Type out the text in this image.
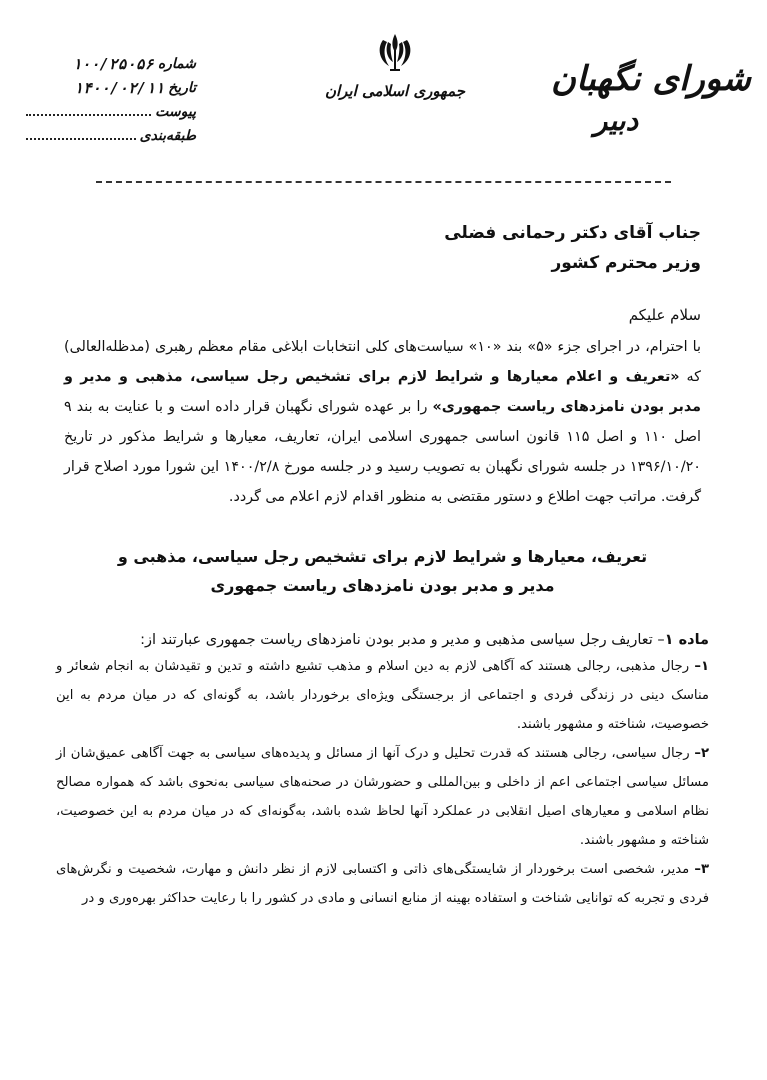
شورای نگهبان
دبیر
جمهوری اسلامی ایران
شماره
۱۰۰/۲۵۰۵۶
تاریخ
۱۴۰۰/۰۲/۱۱
پیوست
طبقه‌بندی
جناب آقای دکتر رحمانی فضلی
وزیر محترم کشور
سلام علیکم

با احترام، در اجرای جزء «۵» بند «۱۰» سیاست‌های کلی انتخابات ابلاغی مقام معظم رهبری (مدظله‌العالی) که «تعریف و اعلام معیارها و شرایط لازم برای تشخیص رجل سیاسی، مذهبی و مدیر و مدبر بودن نامزدهای ریاست جمهوری» را بر عهده شورای نگهبان قرار داده است و با عنایت به بند ۹ اصل ۱۱۰ و اصل ۱۱۵ قانون اساسی جمهوری اسلامی ایران، تعاریف، معیارها و شرایط مذکور در تاریخ ۱۳۹۶/۱۰/۲۰ در جلسه شورای نگهبان به تصویب رسید و در جلسه مورخ ۱۴۰۰/۲/۸ این شورا مورد اصلاح قرار گرفت. مراتب جهت اطلاع و دستور مقتضی به منظور اقدام لازم اعلام می گردد.

تعریف، معیارها و شرایط لازم برای تشخیص رجل سیاسی، مذهبی و مدیر و مدبر بودن نامزدهای ریاست جمهوری
ماده ۱– تعاریف رجل سیاسی مذهبی و مدیر و مدبر بودن نامزدهای ریاست جمهوری عبارتند از:
۱– رجال مذهبی، رجالی هستند که آگاهی لازم به دین اسلام و مذهب تشیع داشته و تدین و تقیدشان به انجام شعائر و مناسک دینی در زندگی فردی و اجتماعی از برجستگی ویژه‌ای برخوردار باشد، به گونه‌ای که در میان مردم به این خصوصیت، شناخته و مشهور باشند.
۲– رجال سیاسی، رجالی هستند که قدرت تحلیل و درک آنها از مسائل و پدیده‌های سیاسی به جهت آگاهی عمیق‌شان از مسائل سیاسی اجتماعی اعم از داخلی و بین‌المللی و حضورشان در صحنه‌های سیاسی به‌نحوی باشد که همواره مصالح نظام اسلامی و معیارهای اصیل انقلابی در عملکرد آنها لحاظ شده باشد، به‌گونه‌ای که در میان مردم به این خصوصیت، شناخته و مشهور باشند.
۳– مدیر، شخصی است برخوردار از شایستگی‌های ذاتی و اکتسابی لازم از نظر دانش و مهارت، شخصیت و نگرش‌های فردی و تجربه که توانایی شناخت و استفاده بهینه از منابع انسانی و مادی در کشور را با رعایت حداکثر بهره‌وری و در
